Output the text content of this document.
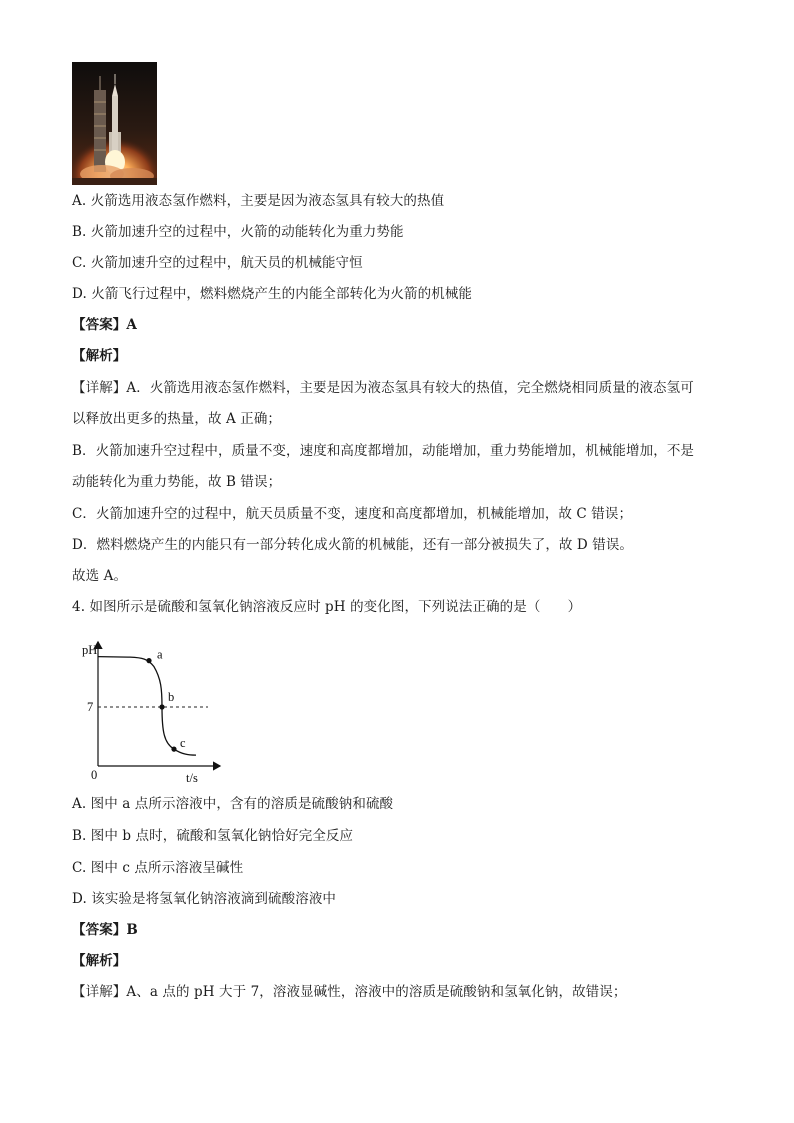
A. 火箭选用液态氢作燃料，主要是因为液态氢具有较大的热值
B. 火箭加速升空的过程中，火箭的动能转化为重力势能
C. 火箭加速升空的过程中，航天员的机械能守恒
D. 火箭飞行过程中，燃料燃烧产生的内能全部转化为火箭的机械能
【答案】A
【解析】
【详解】A．火箭选用液态氢作燃料，主要是因为液态氢具有较大的热值，完全燃烧相同质量的液态氢可
以释放出更多的热量，故 A 正确；
B．火箭加速升空过程中，质量不变，速度和高度都增加，动能增加，重力势能增加，机械能增加，不是
动能转化为重力势能，故 B 错误；
C．火箭加速升空的过程中，航天员质量不变，速度和高度都增加，机械能增加，故 C 错误；
D．燃料燃烧产生的内能只有一部分转化成火箭的机械能，还有一部分被损失了，故 D 错误。
故选 A。
4. 如图所示是硫酸和氢氧化钠溶液反应时 pH 的变化图，下列说法正确的是（　　）
pH
t/s
0
7
a
b
c
A. 图中 a 点所示溶液中，含有的溶质是硫酸钠和硫酸
B. 图中 b 点时，硫酸和氢氧化钠恰好完全反应
C. 图中 c 点所示溶液呈碱性
D. 该实验是将氢氧化钠溶液滴到硫酸溶液中
【答案】B
【解析】
【详解】A、a 点的 pH 大于 7，溶液显碱性，溶液中的溶质是硫酸钠和氢氧化钠，故错误；
